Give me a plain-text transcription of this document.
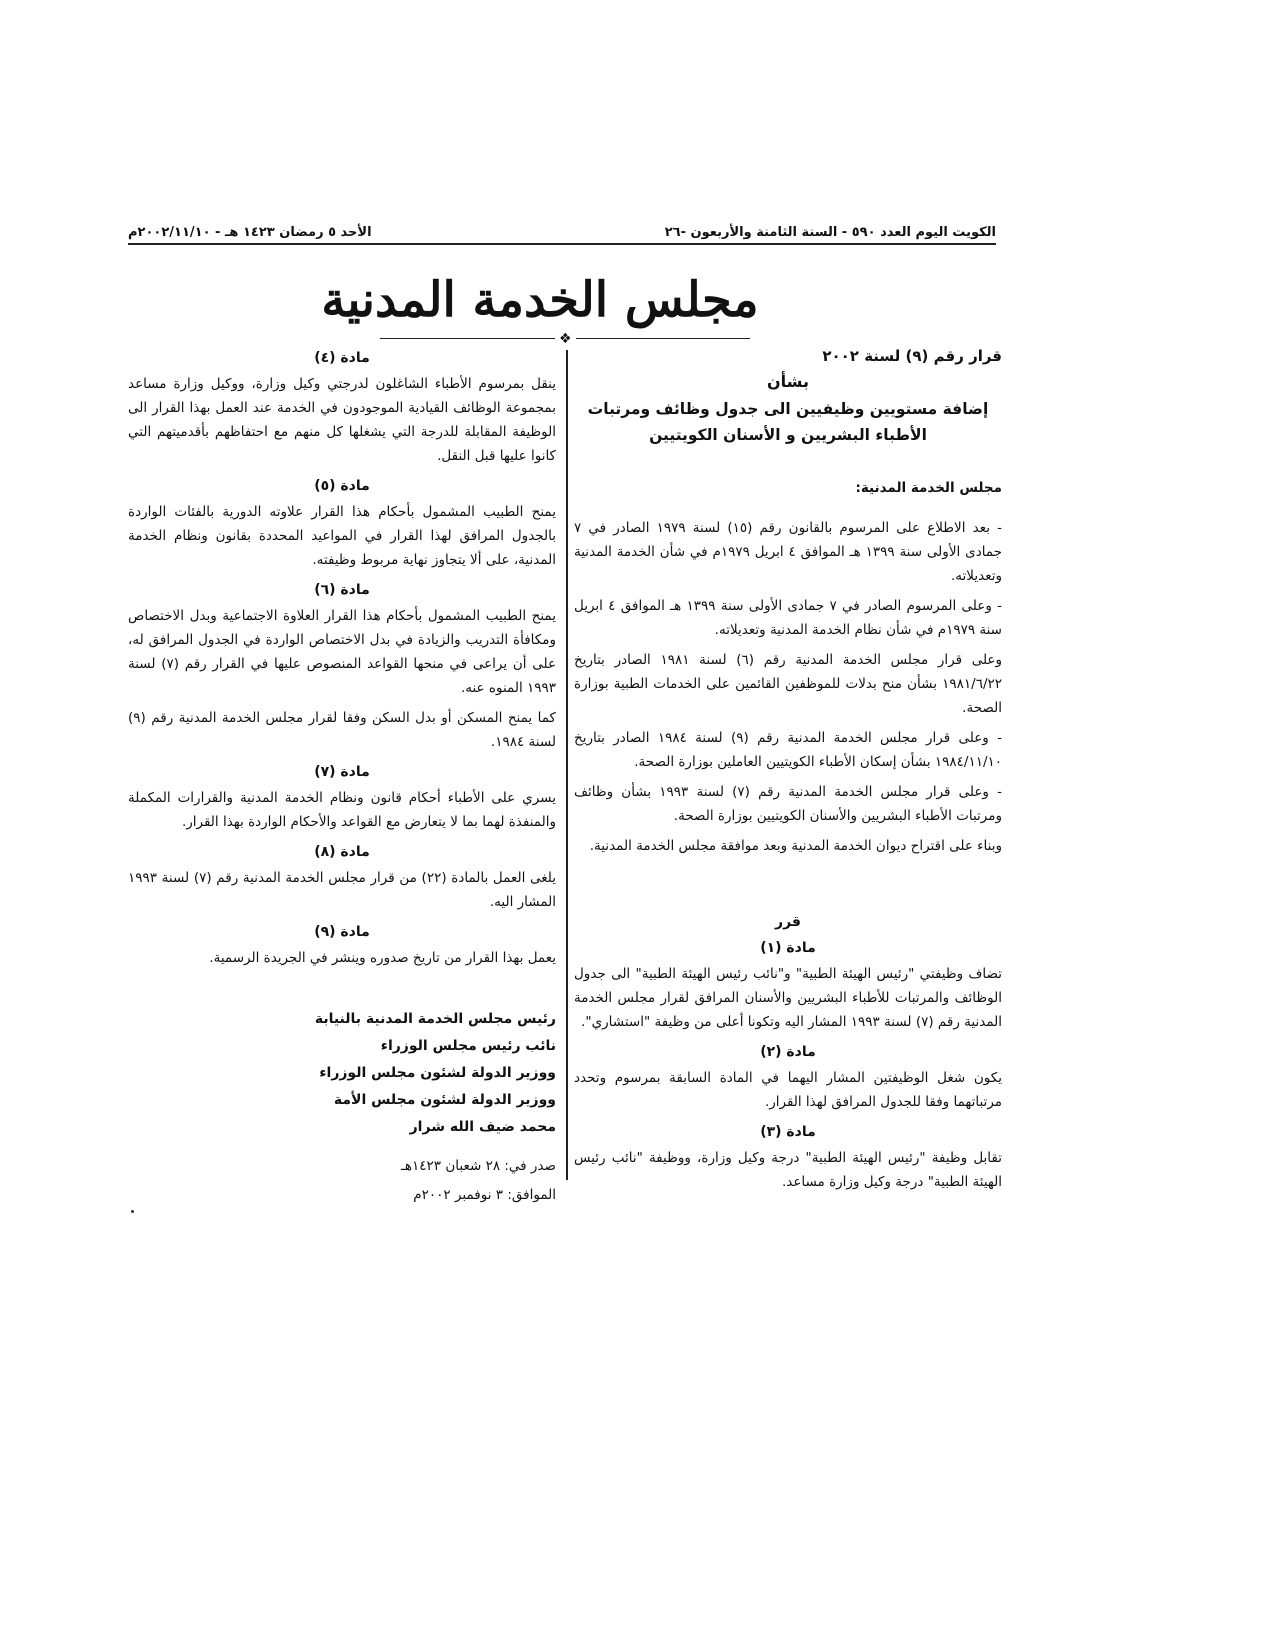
الكويت اليوم العدد ٥٩٠ - السنة الثامنة والأربعون -٢٦
الأحد ٥ رمضان ١٤٢٣ هـ - ٢٠٠٢/١١/١٠م
مجلس الخدمة المدنية
❖

قرار رقم (٩) لسنة ٢٠٠٢

بشأن

إضافة مستويين وظيفيين الى جدول وظائف ومرتبات

الأطباء البشريين و الأسنان الكويتيين

مجلس الخدمة المدنية:

- بعد الاطلاع على المرسوم بالقانون رقم (١٥) لسنة ١٩٧٩ الصادر في ٧ جمادى الأولى سنة ١٣٩٩ هـ الموافق ٤ ابريل ١٩٧٩م في شأن الخدمة المدنية وتعديلاته.

- وعلى المرسوم الصادر في ٧ جمادى الأولى سنة ١٣٩٩ هـ الموافق ٤ ابريل سنة ١٩٧٩م في شأن نظام الخدمة المدنية وتعديلاته.

وعلى قرار مجلس الخدمة المدنية رقم (٦) لسنة ١٩٨١ الصادر بتاريخ ١٩٨١/٦/٢٢ بشأن منح بدلات للموظفين القائمين على الخدمات الطبية بوزارة الصحة.

- وعلى قرار مجلس الخدمة المدنية رقم (٩) لسنة ١٩٨٤ الصادر بتاريخ ١٩٨٤/١١/١٠ بشأن إسكان الأطباء الكويتيين العاملين بوزارة الصحة.

- وعلى قرار مجلس الخدمة المدنية رقم (٧) لسنة ١٩٩٣ بشأن وظائف ومرتبات الأطباء البشريين والأسنان الكويتيين بوزارة الصحة.

وبناء على اقتراح ديوان الخدمة المدنية وبعد موافقة مجلس الخدمة المدنية.

قرر

مادة (١)

تضاف وظيفتي "رئيس الهيئة الطبية" و"نائب رئيس الهيئة الطبية" الى جدول الوظائف والمرتبات للأطباء البشريين والأسنان المرافق لقرار مجلس الخدمة المدنية رقم (٧) لسنة ١٩٩٣ المشار اليه وتكونا أعلى من وظيفة "استشاري".

مادة (٢)

يكون شغل الوظيفتين المشار اليهما في المادة السابقة بمرسوم وتحدد مرتباتهما وفقا للجدول المرافق لهذا القرار.

مادة (٣)

تقابل وظيفة "رئيس الهيئة الطبية" درجة وكيل وزارة، ووظيفة "نائب رئيس الهيئة الطبية" درجة وكيل وزارة مساعد.

مادة (٤)

ينقل بمرسوم الأطباء الشاغلون لدرجتي وكيل وزارة، ووكيل وزارة مساعد بمجموعة الوظائف القيادية الموجودون في الخدمة عند العمل بهذا القرار الى الوظيفة المقابلة للدرجة التي يشغلها كل منهم مع احتفاظهم بأقدميتهم التي كانوا عليها قبل النقل.

مادة (٥)

يمنح الطبيب المشمول بأحكام هذا القرار علاوته الدورية بالفئات الواردة بالجدول المرافق لهذا القرار في المواعيد المحددة بقانون ونظام الخدمة المدنية، على ألا يتجاوز نهاية مربوط وظيفته.

مادة (٦)

يمنح الطبيب المشمول بأحكام هذا القرار العلاوة الاجتماعية وبدل الاختصاص ومكافأة التدريب والزيادة في بدل الاختصاص الواردة في الجدول المرافق له، على أن يراعى في منحها القواعد المنصوص عليها في القرار رقم (٧) لسنة ١٩٩٣ المنوه عنه.

كما يمنح المسكن أو بدل السكن وفقا لقرار مجلس الخدمة المدنية رقم (٩) لسنة ١٩٨٤.

مادة (٧)

يسري على الأطباء أحكام قانون ونظام الخدمة المدنية والقرارات المكملة والمنفذة لهما بما لا يتعارض مع القواعد والأحكام الواردة بهذا القرار.

مادة (٨)

يلغى العمل بالمادة (٢٢) من قرار مجلس الخدمة المدنية رقم (٧) لسنة ١٩٩٣ المشار اليه.

مادة (٩)

يعمل بهذا القرار من تاريخ صدوره وينشر في الجريدة الرسمية.

رئيس مجلس الخدمة المدنية بالنيابة

نائب رئيس مجلس الوزراء

ووزير الدولة لشئون مجلس الوزراء

ووزير الدولة لشئون مجلس الأمة

محمد ضيف الله شرار

صدر في: ٢٨ شعبان ١٤٢٣هـ

الموافق: ٣ نوفمبر ٢٠٠٢م
